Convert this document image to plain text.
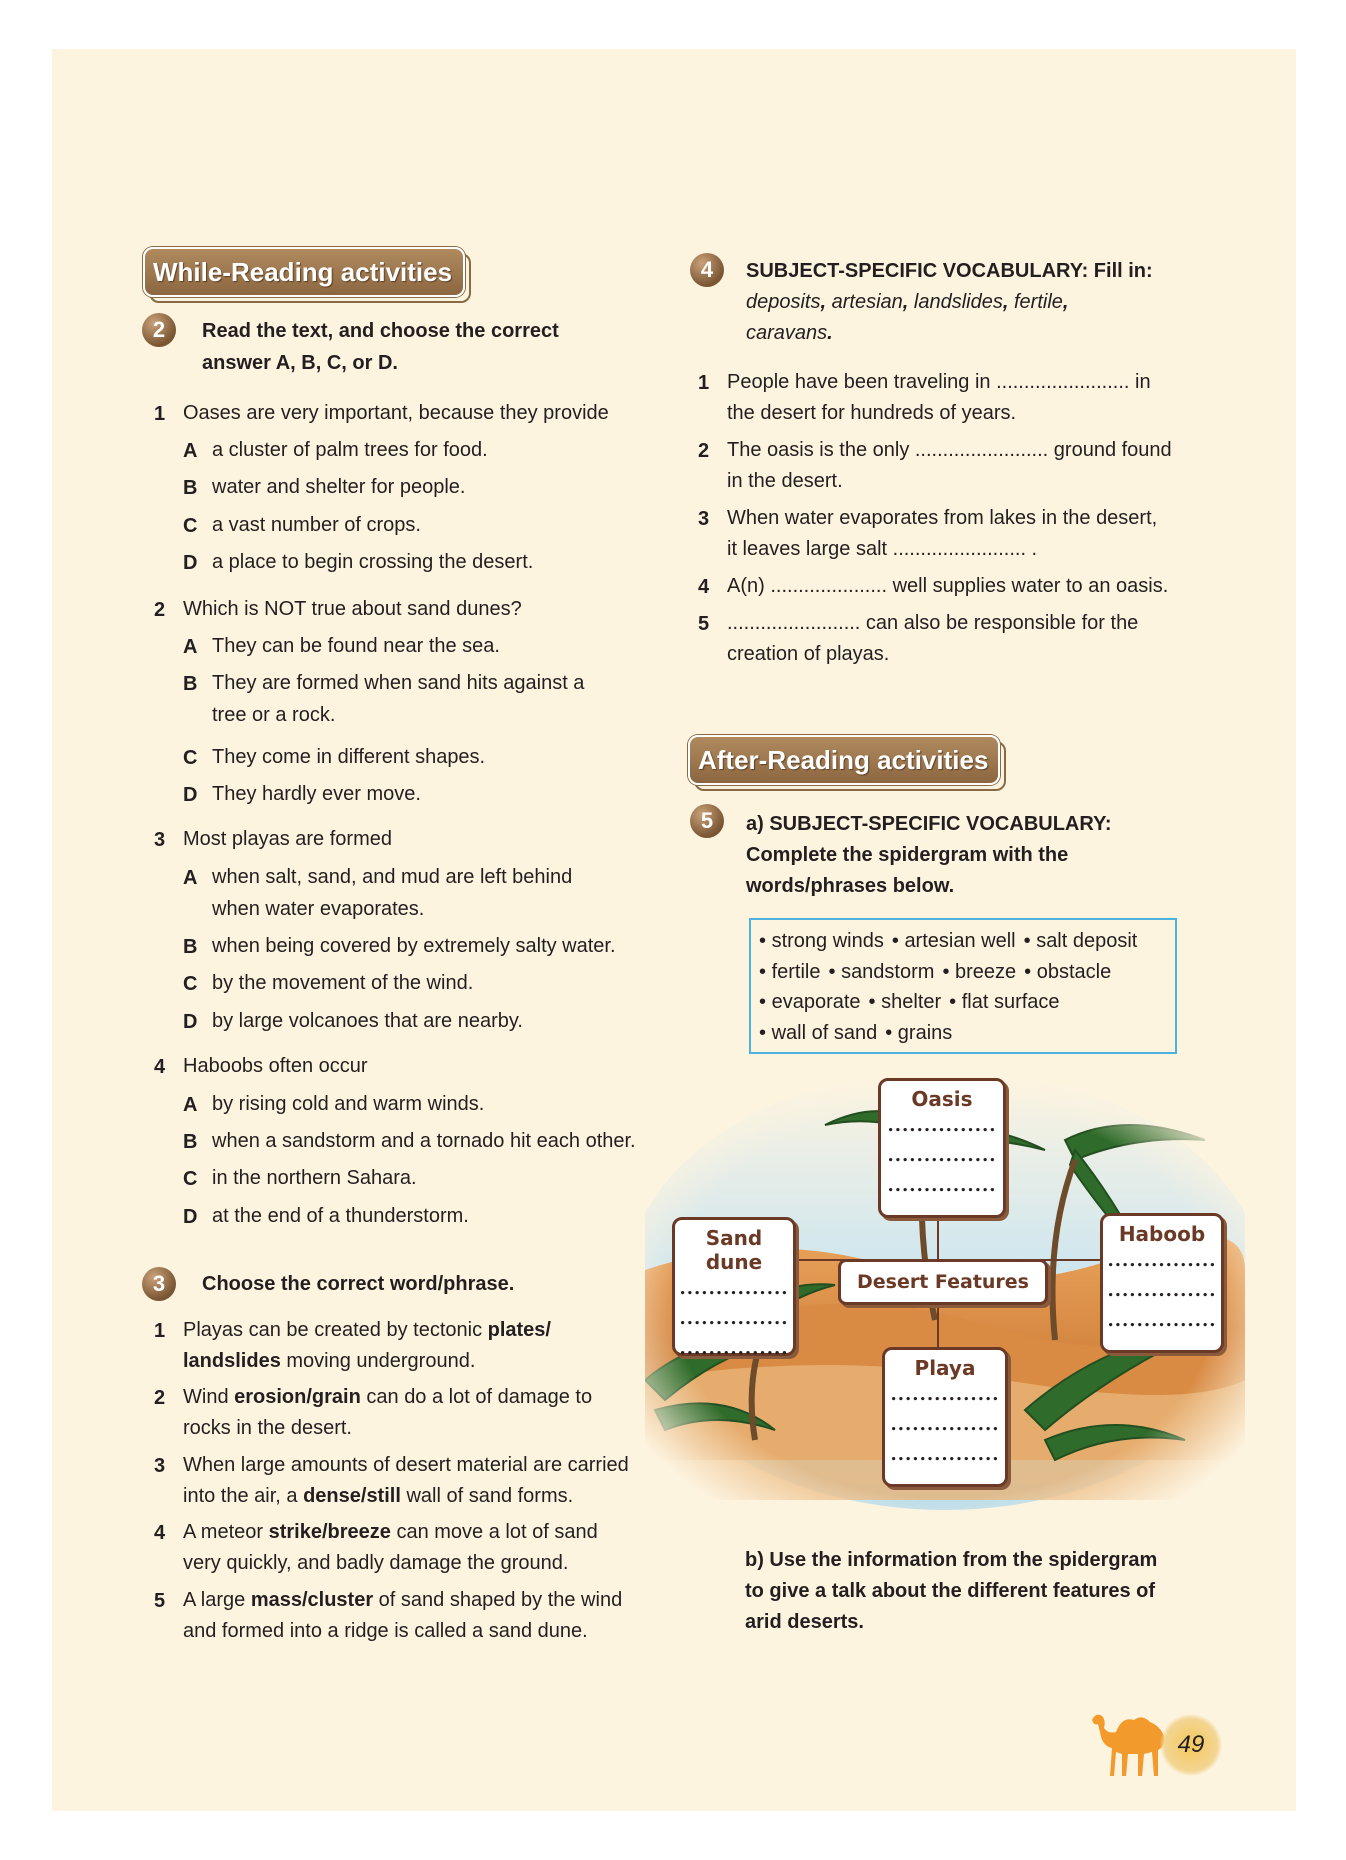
While-Reading activities
2	Read the text, and choose the correct
answer A, B, C, or D.
1 Oases are very important, because they provide
A a cluster of palm trees for food.
B water and shelter for people.
C a vast number of crops.
D a place to begin crossing the desert.
2 Which is NOT true about sand dunes?
A They can be found near the sea.
B They are formed when sand hits against a
tree or a rock.
C They come in different shapes.
D They hardly ever move.
3 Most playas are formed
A when salt, sand, and mud are left behind
when water evaporates.
B when being covered by extremely salty water.
C by the movement of the wind.
D by large volcanoes that are nearby.
4 Haboobs often occur
A by rising cold and warm winds.
B when a sandstorm and a tornado hit each other.
C in the northern Sahara.
D at the end of a thunderstorm.
3	Choose the correct word/phrase.
1 Playas can be created by tectonic plates/
landslides moving underground.
2 Wind erosion/grain can do a lot of damage to
rocks in the desert.
3 When large amounts of desert material are carried
into the air, a dense/still wall of sand forms.
4 A meteor strike/breeze can move a lot of sand
very quickly, and badly damage the ground.
5 A large mass/cluster of sand shaped by the wind
and formed into a ridge is called a sand dune.
4	SUBJECT-SPECIFIC VOCABULARY: Fill in:
deposits, artesian, landslides, fertile,
caravans.
1 People have been traveling in ........................ in
the desert for hundreds of years.
2 The oasis is the only ........................ ground found
in the desert.
3 When water evaporates from lakes in the desert,
it leaves large salt ........................ .
4 A(n) ..................... well supplies water to an oasis.
5 ........................ can also be responsible for the
creation of playas.
After-Reading activities
5	a) SUBJECT-SPECIFIC VOCABULARY:
Complete the spidergram with the
words/phrases below.
• strong winds • artesian well • salt deposit
• fertile • sandstorm • breeze • obstacle
• evaporate • shelter • flat surface
• wall of sand • grains
Oasis
...............
...............
...............
Sand dune
...............
...............
...............
Haboob
...............
...............
...............
Playa
...............
...............
...............
Desert Features
b) Use the information from the spidergram
to give a talk about the different features of
arid deserts.
49
